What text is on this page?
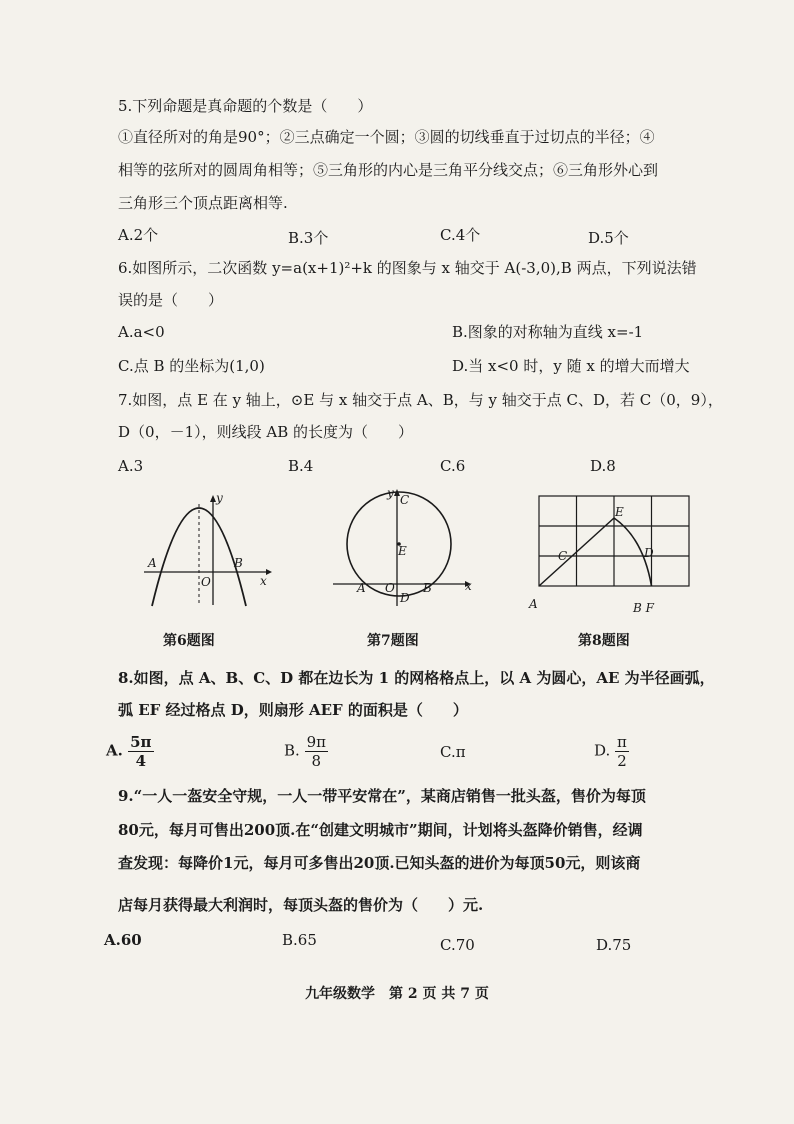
5.下列命题是真命题的个数是（　　）
①直径所对的角是90°；②三点确定一个圆；③圆的切线垂直于过切点的半径；④
相等的弦所对的圆周角相等；⑤三角形的内心是三角平分线交点；⑥三角形外心到
三角形三个顶点距离相等.
A.2个	B.3个	C.4个	D.5个
6.如图所示，二次函数 y=a(x+1)²+k 的图象与 x 轴交于 A(-3,0),B 两点，下列说法错
误的是（　　）
A.a<0	B.图象的对称轴为直线 x=-1
C.点 B 的坐标为(1,0)	D.当 x<0 时，y 随 x 的增大而增大
7.如图，点 E 在 y 轴上，⊙E 与 x 轴交于点 A、B，与 y 轴交于点 C、D，若 C（0，9），
D（0，－1），则线段 AB 的长度为（　　）
A.3	B.4	C.6	D.8
y
A
O
B
x
y C
E
A O B
D
x
E
C	D
A	B F
第6题图	第7题图	第8题图
8.如图，点 A、B、C、D 都在边长为 1 的网格格点上，以 A 为圆心，AE 为半径画弧，
弧 EF 经过格点 D，则扇形 AEF 的面积是（　　）
A. $\frac{5\pi}{4}$	B. $\frac{9\pi}{8}$	C.π	D. $\frac{\pi}{2}$
9.“一人一盔安全守规，一人一带平安常在”，某商店销售一批头盔，售价为每顶
80元，每月可售出200顶.在“创建文明城市”期间，计划将头盔降价销售，经调
查发现：每降价1元，每月可多售出20顶.已知头盔的进价为每顶50元，则该商
店每月获得最大利润时，每顶头盔的售价为（　　）元.
A.60	B.65	C.70	D.75
九年级数学　第 2 页 共 7 页
